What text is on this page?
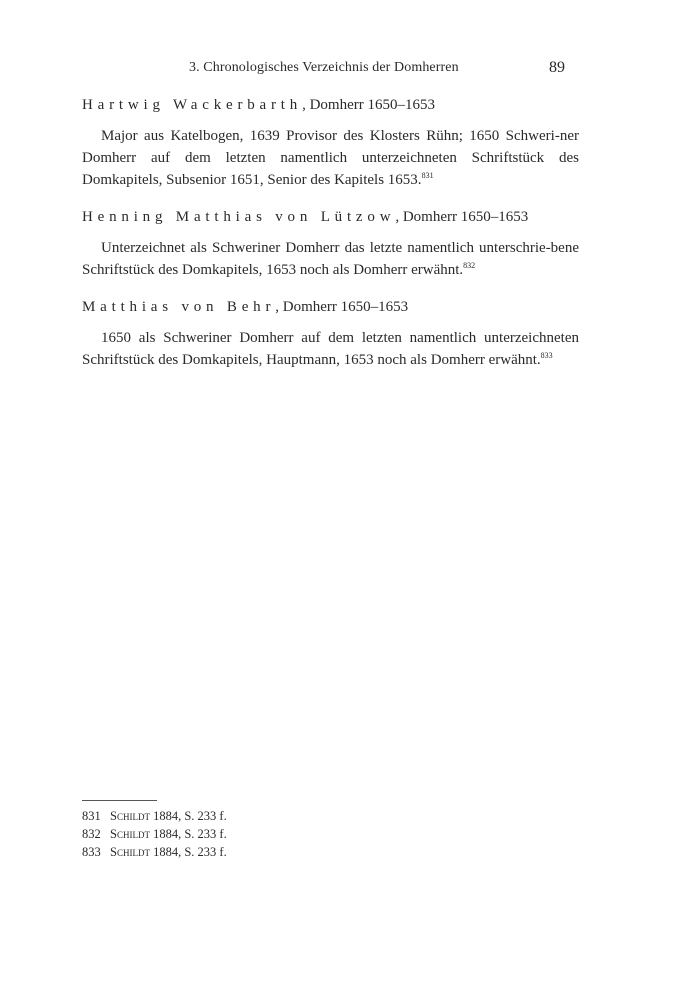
3. Chronologisches Verzeichnis der Domherren	89
Hartwig Wackerbarth, Domherr 1650–1653
Major aus Katelbogen, 1639 Provisor des Klosters Rühn; 1650 Schweri-ner Domherr auf dem letzten namentlich unterzeichneten Schriftstück des Domkapitels, Subsenior 1651, Senior des Kapitels 1653.$^{831}$
Henning Matthias von Lützow, Domherr 1650–1653
Unterzeichnet als Schweriner Domherr das letzte namentlich unterschrie-bene Schriftstück des Domkapitels, 1653 noch als Domherr erwähnt.$^{832}$
Matthias von Behr, Domherr 1650–1653
1650 als Schweriner Domherr auf dem letzten namentlich unterzeichneten Schriftstück des Domkapitels, Hauptmann, 1653 noch als Domherr erwähnt.$^{833}$
831 Schildt 1884, S. 233 f.
832 Schildt 1884, S. 233 f.
833 Schildt 1884, S. 233 f.
